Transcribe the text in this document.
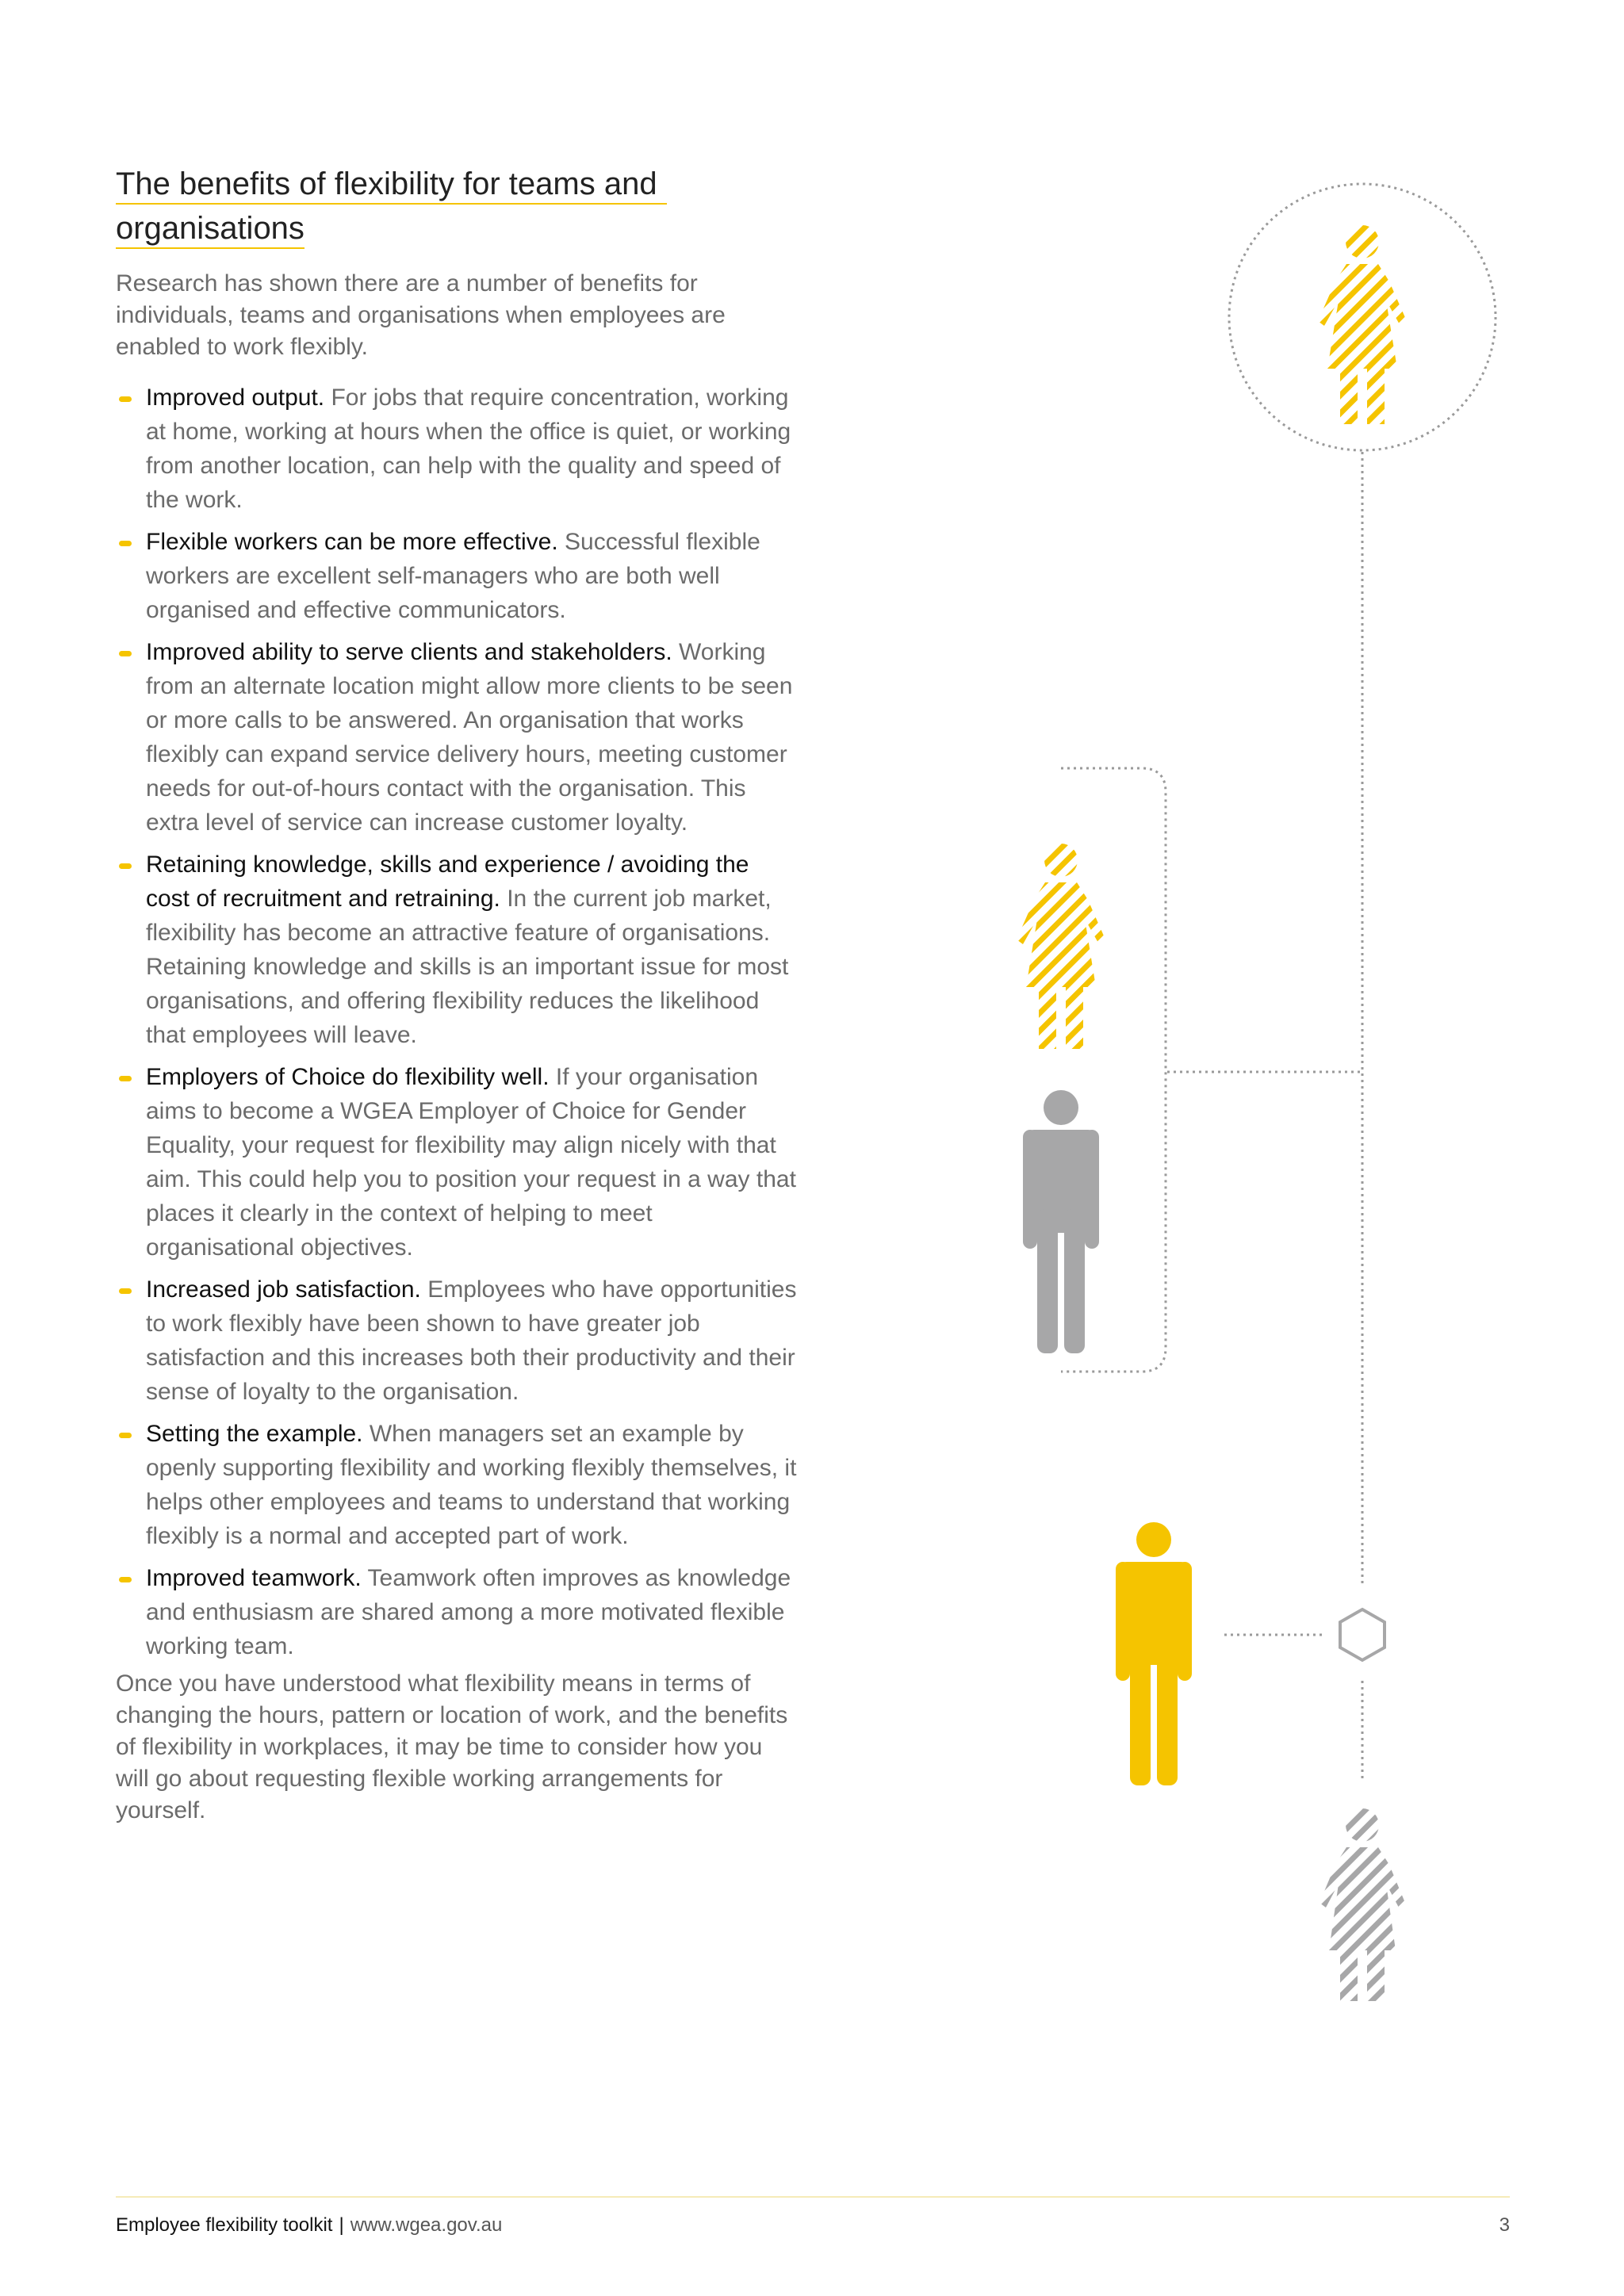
The benefits of flexibility for teams and
organisations

Research has shown there are a number of benefits for individuals, teams and organisations when employees are enabled to work flexibly.

Improved output. For jobs that require concentration, working at home, working at hours when the office is quiet, or working from another location, can help with the quality and speed of the work.
Flexible workers can be more effective. Successful flexible workers are excellent self-managers who are both well organised and effective communicators.
Improved ability to serve clients and stakeholders. Working from an alternate location might allow more clients to be seen or more calls to be answered. An organisation that works flexibly can expand service delivery hours, meeting customer needs for out-of-hours contact with the organisation. This extra level of service can increase customer loyalty.
Retaining knowledge, skills and experience / avoiding the cost of recruitment and retraining. In the current job market, flexibility has become an attractive feature of organisations. Retaining knowledge and skills is an important issue for most organisations, and offering flexibility reduces the likelihood that employees will leave.
Employers of Choice do flexibility well. If your organisation aims to become a WGEA Employer of Choice for Gender Equality, your request for flexibility may align nicely with that aim. This could help you to position your request in a way that places it clearly in the context of helping to meet organisational objectives.
Increased job satisfaction. Employees who have opportunities to work flexibly have been shown to have greater job satisfaction and this increases both their productivity and their sense of loyalty to the organisation.
Setting the example. When managers set an example by openly supporting flexibility and working flexibly themselves, it helps other employees and teams to understand that working flexibly is a normal and accepted part of work.
Improved teamwork. Teamwork often improves as knowledge and enthusiasm are shared among a more motivated flexible working team.

Once you have understood what flexibility means in terms of changing the hours, pattern or location of work, and the benefits of flexibility in workplaces, it may be time to consider how you will go about requesting flexible working arrangements for yourself.

Employee flexibility toolkit | www.wgea.gov.au	3
